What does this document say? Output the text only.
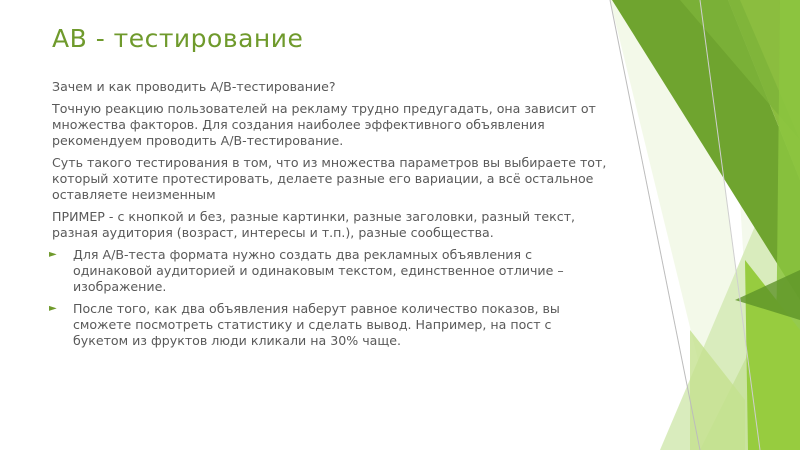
AB - тестирование

Зачем и как проводить A/B-тестирование?

Точную реакцию пользователей на рекламу трудно предугадать, она зависит от множества факторов. Для создания наиболее эффективного объявления рекомендуем проводить A/B-тестирование.

Суть такого тестирования в том, что из множества параметров вы выбираете тот, который хотите протестировать, делаете разные его вариации, а всё остальное оставляете неизменным

ПРИМЕР - с кнопкой и без, разные картинки, разные заголовки, разный текст, разная аудитория (возраст, интересы и т.п.), разные сообщества.

► Для A/B-теста формата нужно создать два рекламных объявления с одинаковой аудиторией и одинаковым текстом, единственное отличие – изображение.
► После того, как два объявления наберут равное количество показов, вы сможете посмотреть статистику и сделать вывод. Например, на пост с букетом из фруктов люди кликали на 30% чаще.
